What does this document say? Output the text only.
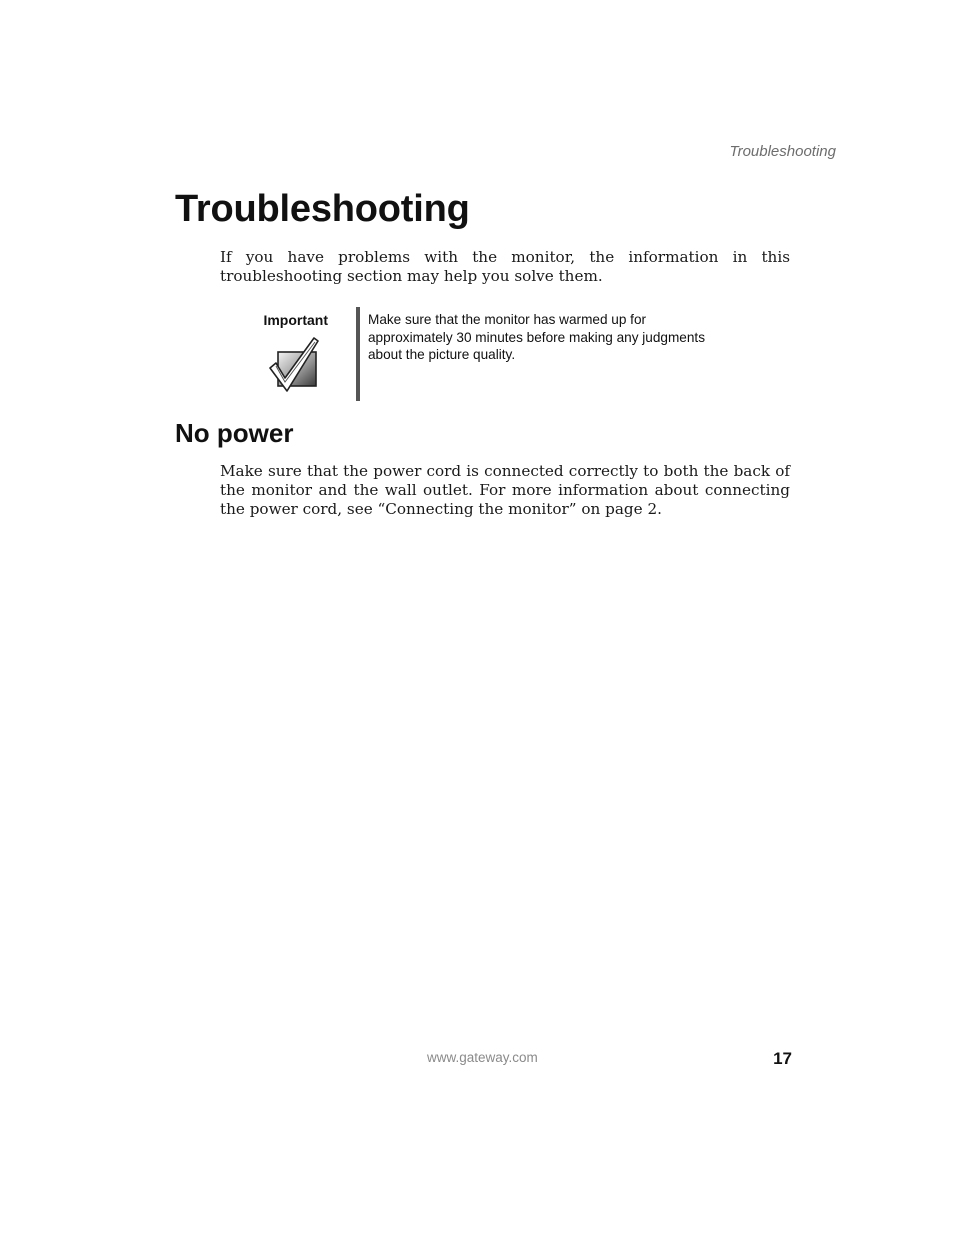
Troubleshooting
Troubleshooting

If you have problems with the monitor, the information in this troubleshooting section may help you solve them.

Important	Make sure that the monitor has warmed up for approximately 30 minutes before making any judgments about the picture quality.

No power

Make sure that the power cord is connected correctly to both the back of the monitor and the wall outlet. For more information about connecting the power cord, see “Connecting the monitor” on page 2.

www.gateway.com	17
